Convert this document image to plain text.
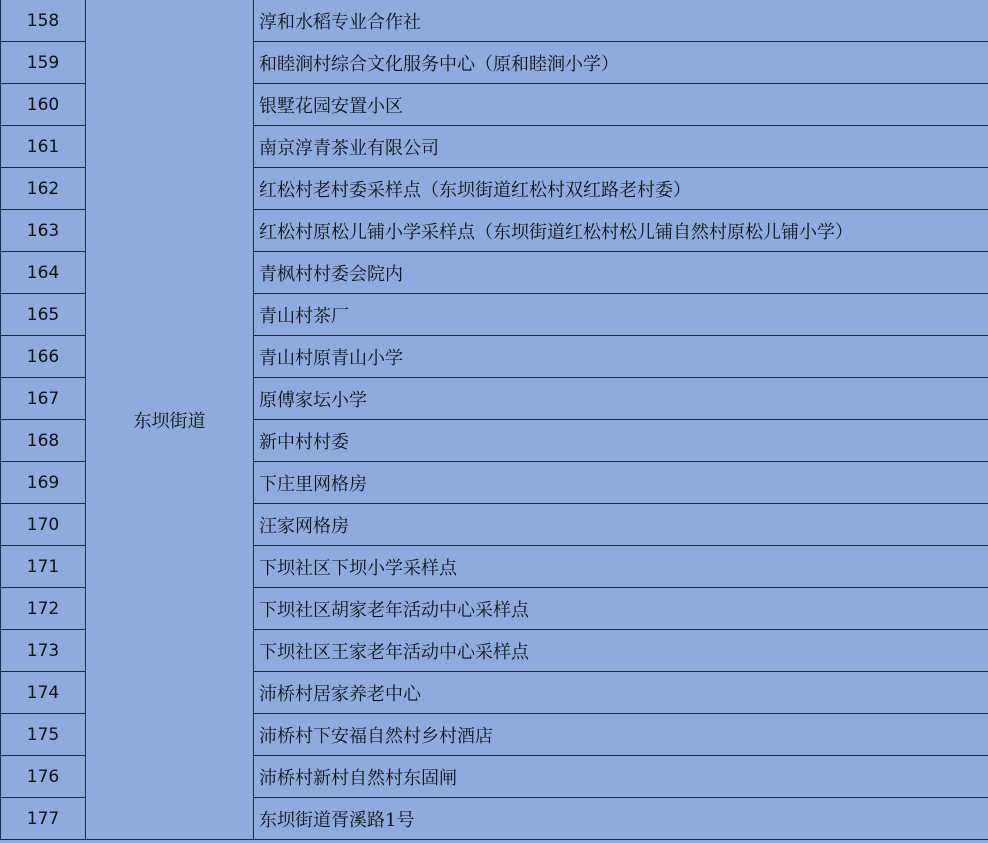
158	东坝街道	淳和水稻专业合作社
159		和睦涧村综合文化服务中心（原和睦涧小学）
160		银墅花园安置小区
161		南京淳青茶业有限公司
162		红松村老村委采样点（东坝街道红松村双红路老村委）
163		红松村原松儿铺小学采样点（东坝街道红松村松儿铺自然村原松儿铺小学）
164		青枫村村委会院内
165		青山村茶厂
166		青山村原青山小学
167		原傅家坛小学
168		新中村村委
169		下庄里网格房
170		汪家网格房
171		下坝社区下坝小学采样点
172		下坝社区胡家老年活动中心采样点
173		下坝社区王家老年活动中心采样点
174		沛桥村居家养老中心
175		沛桥村下安福自然村乡村酒店
176		沛桥村新村自然村东固闸
177		东坝街道胥溪路1号
